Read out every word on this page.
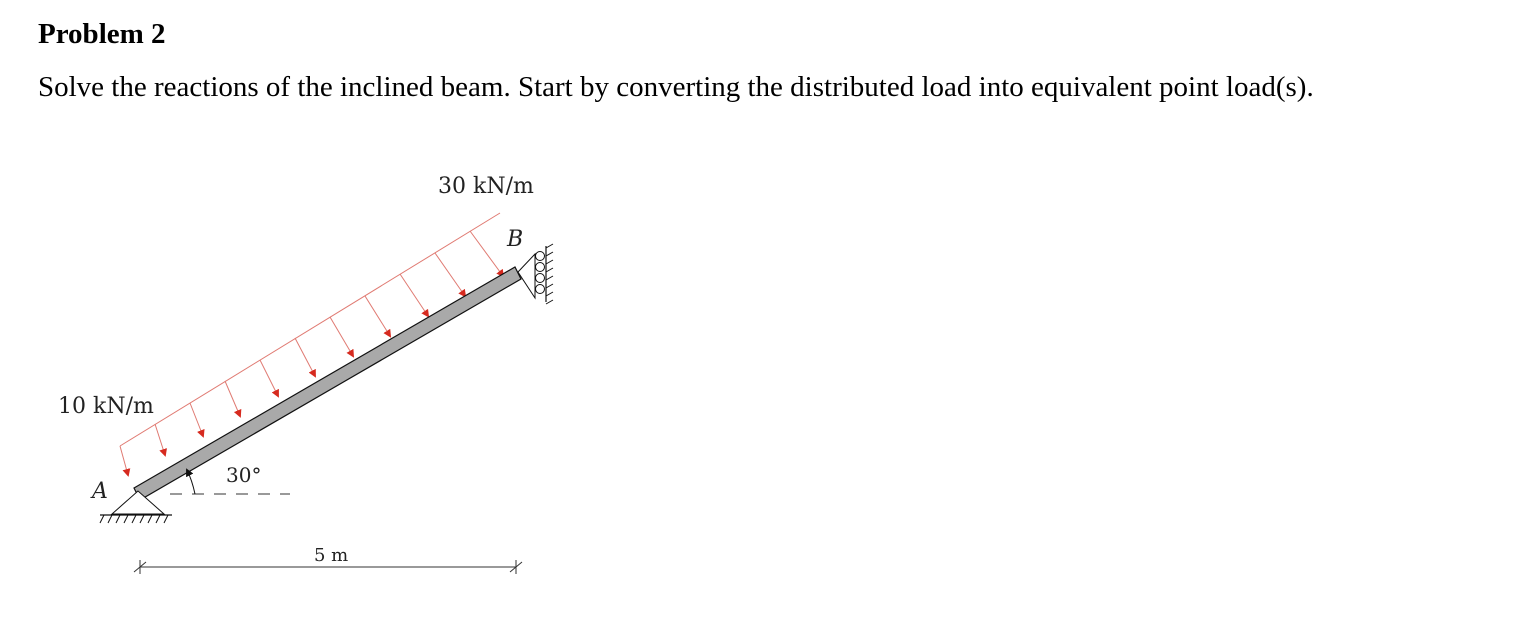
Problem 2

Solve the reactions of the inclined beam. Start by converting the distributed load into equivalent point load(s).

10 kN/m
30 kN/m
A
B
30°
5 m
